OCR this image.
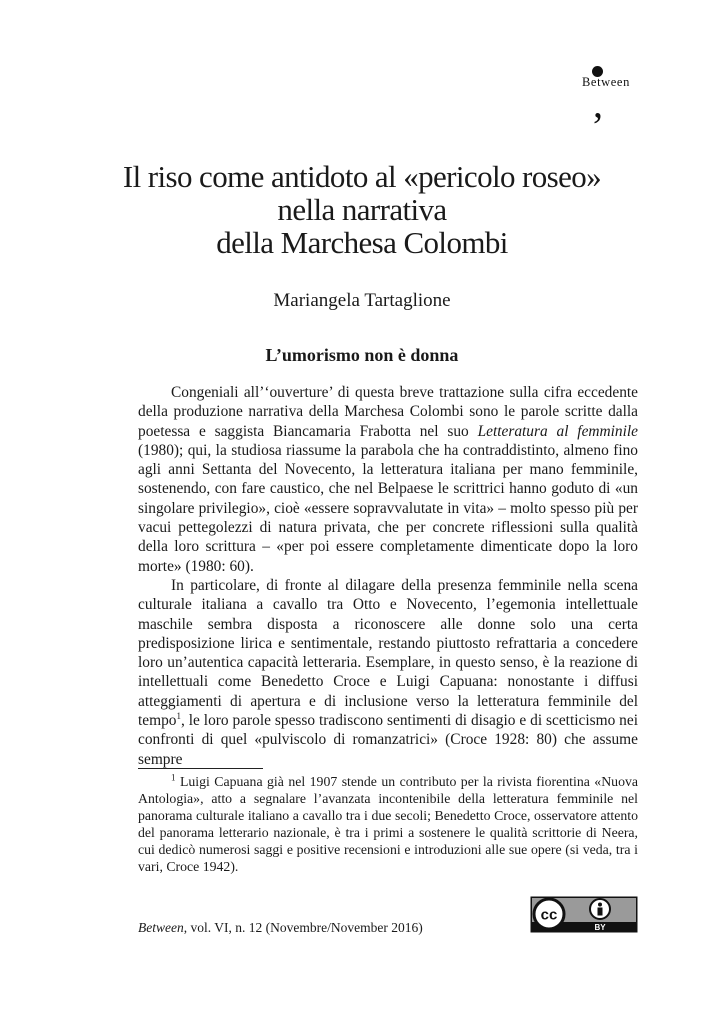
Between
,
Il riso come antidoto al «pericolo roseo»
nella narrativa
della Marchesa Colombi
Mariangela Tartaglione
L’umorismo non è donna

Congeniali all’‘ouverture’ di questa breve trattazione sulla cifra eccedente della produzione narrativa della Marchesa Colombi sono le parole scritte dalla poetessa e saggista Biancamaria Frabotta nel suo Letteratura al femminile (1980); qui, la studiosa riassume la parabola che ha contraddistinto, almeno fino agli anni Settanta del Novecento, la letteratura italiana per mano femminile, sostenendo, con fare caustico, che nel Belpaese le scrittrici hanno goduto di «un singolare privilegio», cioè «essere sopravvalutate in vita» – molto spesso più per vacui pettegolezzi di natura privata, che per concrete riflessioni sulla qualità della loro scrittura – «per poi essere completamente dimenticate dopo la loro morte» (1980: 60).

In particolare, di fronte al dilagare della presenza femminile nella scena culturale italiana a cavallo tra Otto e Novecento, l’egemonia intellettuale maschile sembra disposta a riconoscere alle donne solo una certa predisposizione lirica e sentimentale, restando piuttosto refrattaria a concedere loro un’autentica capacità letteraria. Esemplare, in questo senso, è la reazione di intellettuali come Benedetto Croce e Luigi Capuana: nonostante i diffusi atteggiamenti di apertura e di inclusione verso la letteratura femminile del tempo$^1$, le loro parole spesso tradiscono sentimenti di disagio e di scetticismo nei confronti di quel «pulviscolo di romanzatrici» (Croce 1928: 80) che assume sempre

$^1$ Luigi Capuana già nel 1907 stende un contributo per la rivista fiorentina «Nuova Antologia», atto a segnalare l’avanzata incontenibile della letteratura femminile nel panorama culturale italiano a cavallo tra i due secoli; Benedetto Croce, osservatore attento del panorama letterario nazionale, è tra i primi a sostenere le qualità scrittorie di Neera, cui dedicò numerosi saggi e positive recensioni e introduzioni alle sue opere (si veda, tra i vari, Croce 1942).

Between, vol. VI, n. 12 (Novembre/November 2016)
cc
BY
